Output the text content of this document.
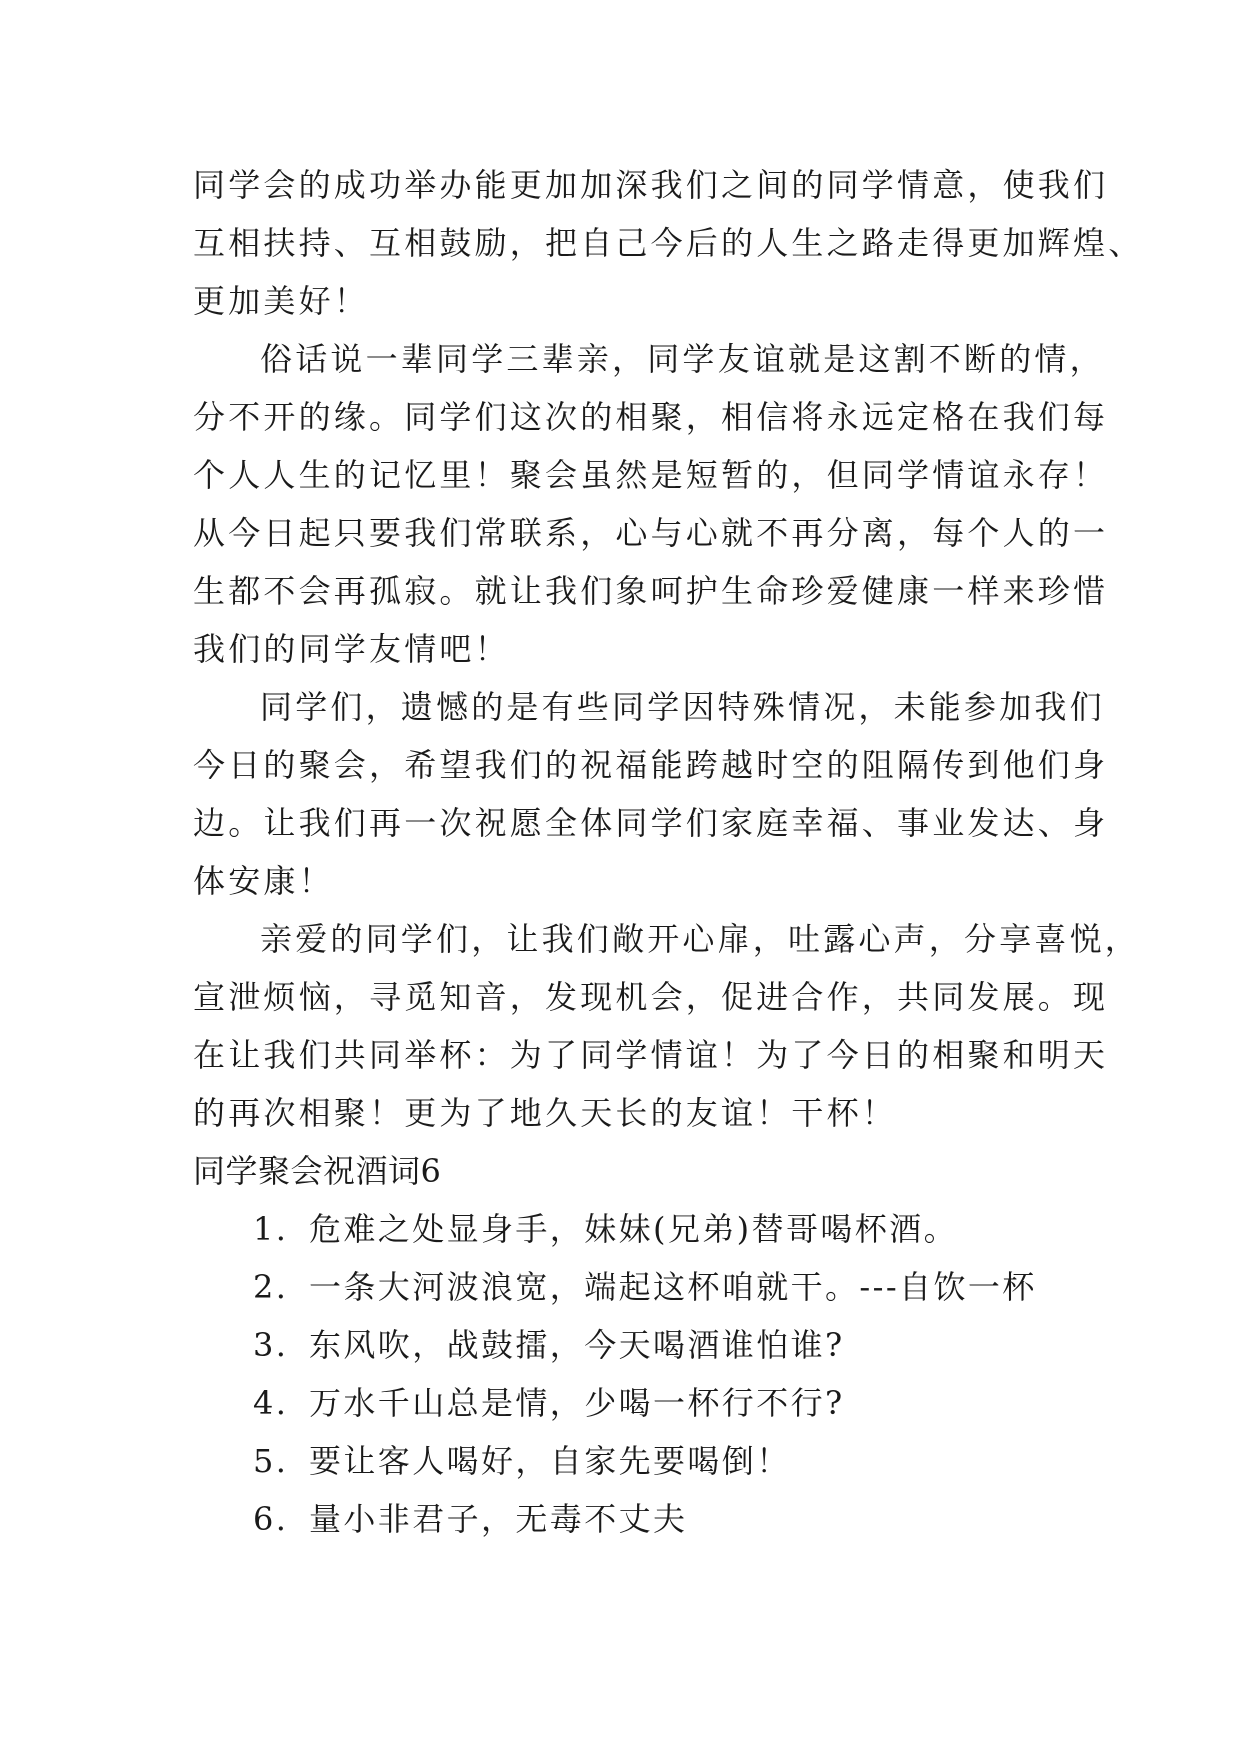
同学会的成功举办能更加加深我们之间的同学情意，使我们
互相扶持、互相鼓励，把自己今后的人生之路走得更加辉煌、
更加美好！
俗话说一辈同学三辈亲，同学友谊就是这割不断的情，
分不开的缘。同学们这次的相聚，相信将永远定格在我们每
个人人生的记忆里！聚会虽然是短暂的，但同学情谊永存！
从今日起只要我们常联系，心与心就不再分离，每个人的一
生都不会再孤寂。就让我们象呵护生命珍爱健康一样来珍惜
我们的同学友情吧！
同学们，遗憾的是有些同学因特殊情况，未能参加我们
今日的聚会，希望我们的祝福能跨越时空的阻隔传到他们身
边。让我们再一次祝愿全体同学们家庭幸福、事业发达、身
体安康！
亲爱的同学们，让我们敞开心扉，吐露心声，分享喜悦，
宣泄烦恼，寻觅知音，发现机会，促进合作，共同发展。现
在让我们共同举杯：为了同学情谊！为了今日的相聚和明天
的再次相聚！更为了地久天长的友谊！干杯！
同学聚会祝酒词6
1. 危难之处显身手，妹妹(兄弟)替哥喝杯酒。
2. 一条大河波浪宽，端起这杯咱就干。---自饮一杯
3. 东风吹，战鼓擂，今天喝酒谁怕谁?
4. 万水千山总是情，少喝一杯行不行?
5. 要让客人喝好，自家先要喝倒！
6. 量小非君子，无毒不丈夫
